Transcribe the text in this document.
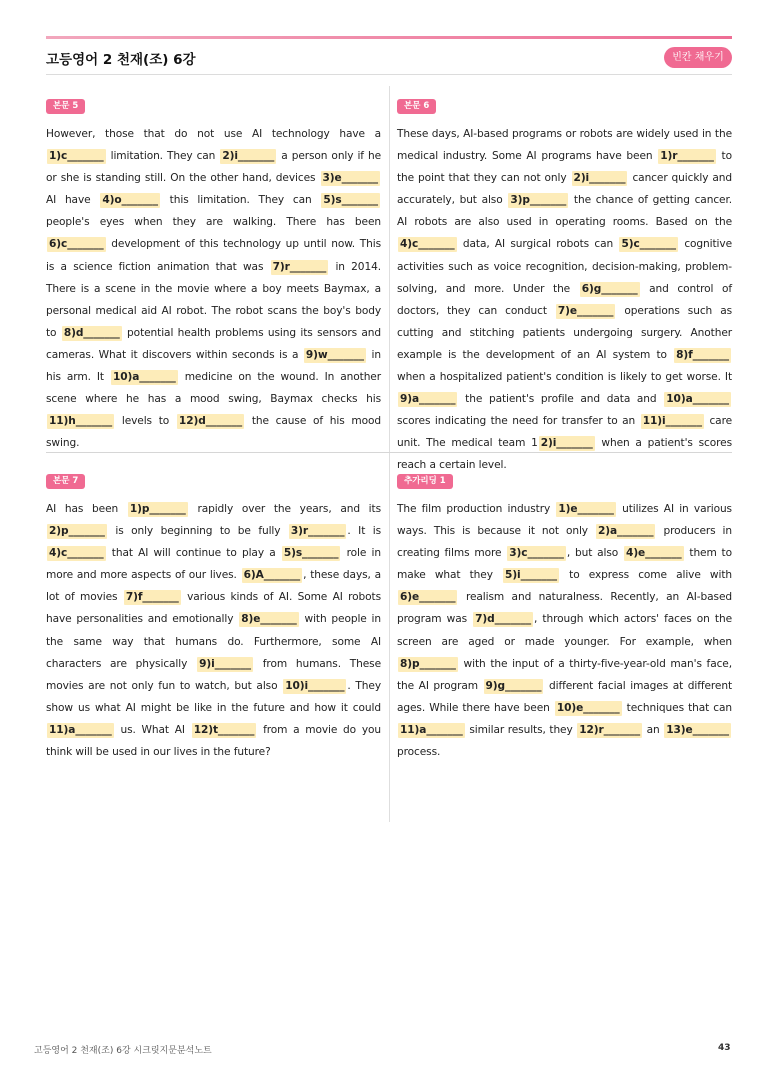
고등영어 2 천재(조) 6강	빈칸 채우기
본문 5
However, those that do not use AI technology have a 1)c_______ limitation. They can 2)i_______ a person only if he or she is standing still. On the other hand, devices 3)e_______ AI have 4)o_______ this limitation. They can 5)s_______ people's eyes when they are walking. There has been 6)c_______ development of this technology up until now. This is a science fiction animation that was 7)r_______ in 2014. There is a scene in the movie where a boy meets Baymax, a personal medical aid AI robot. The robot scans the boy's body to 8)d_______ potential health problems using its sensors and cameras. What it discovers within seconds is a 9)w_______ in his arm. It 10)a_______ medicine on the wound. In another scene where he has a mood swing, Baymax checks his 11)h_______ levels to 12)d_______ the cause of his mood swing.
본문 6
These days, AI-based programs or robots are widely used in the medical industry. Some AI programs have been 1)r_______ to the point that they can not only 2)i_______ cancer quickly and accurately, but also 3)p_______ the chance of getting cancer. AI robots are also used in operating rooms. Based on the 4)c_______ data, AI surgical robots can 5)c_______ cognitive activities such as voice recognition, decision-making, problem-solving, and more. Under the 6)g_______ and control of doctors, they can conduct 7)e_______ operations such as cutting and stitching patients undergoing surgery. Another example is the development of an AI system to 8)f_______ when a hospitalized patient's condition is likely to get worse. It 9)a_______ the patient's profile and data and 10)a_______ scores indicating the need for transfer to an 11)i_______ care unit. The medical team 1 2)i_______ when a patient's scores reach a certain level.
본문 7
AI has been 1)p_______ rapidly over the years, and its 2)p_______ is only beginning to be fully 3)r_______ . It is 4)c_______ that AI will continue to play a 5)s_______ role in more and more aspects of our lives. 6)A_______ , these days, a lot of movies 7)f_______ various kinds of AI. Some AI robots have personalities and emotionally 8)e_______ with people in the same way that humans do. Furthermore, some AI characters are physically 9)i_______ from humans. These movies are not only fun to watch, but also 10)i_______ . They show us what AI might be like in the future and how it could 11)a_______ us. What AI 12)t_______ from a movie do you think will be used in our lives in the future?
추가리딩 1
The film production industry 1)e_______ utilizes AI in various ways. This is because it not only 2)a_______ producers in creating films more 3)c_______ , but also 4)e_______ them to make what they 5)i_______ to express come alive with 6)e_______ realism and naturalness. Recently, an AI-based program was 7)d_______ , through which actors' faces on the screen are aged or made younger. For example, when 8)p_______ with the input of a thirty-five-year-old man's face, the AI program 9)g_______ different facial images at different ages. While there have been 10)e_______ techniques that can 11)a_______ similar results, they 12)r_______ an 13)e_______ process.
고등영어 2 천재(조) 6강 시크릿지문분석노트	43
